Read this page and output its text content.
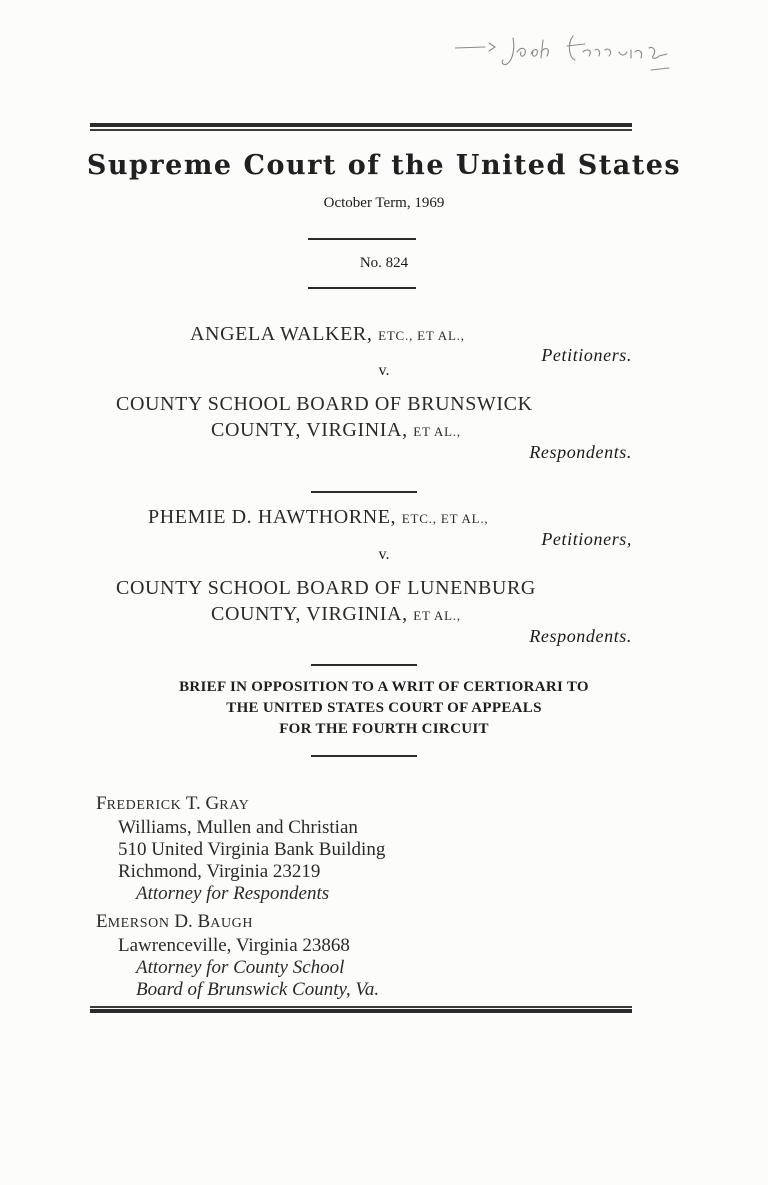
Supreme Court of the United States
October Term, 1969
No. 824
ANGELA WALKER, ETC., ET AL.,
Petitioners.
v.
COUNTY SCHOOL BOARD OF BRUNSWICK
COUNTY, VIRGINIA, ET AL.,
Respondents.
PHEMIE D. HAWTHORNE, ETC., ET AL.,
Petitioners,
v.
COUNTY SCHOOL BOARD OF LUNENBURG
COUNTY, VIRGINIA, ET AL.,
Respondents.
BRIEF IN OPPOSITION TO A WRIT OF CERTIORARI TO
THE UNITED STATES COURT OF APPEALS
FOR THE FOURTH CIRCUIT
FREDERICK T. GRAY
Williams, Mullen and Christian
510 United Virginia Bank Building
Richmond, Virginia 23219
Attorney for Respondents
EMERSON D. BAUGH
Lawrenceville, Virginia 23868
Attorney for County School
Board of Brunswick County, Va.
